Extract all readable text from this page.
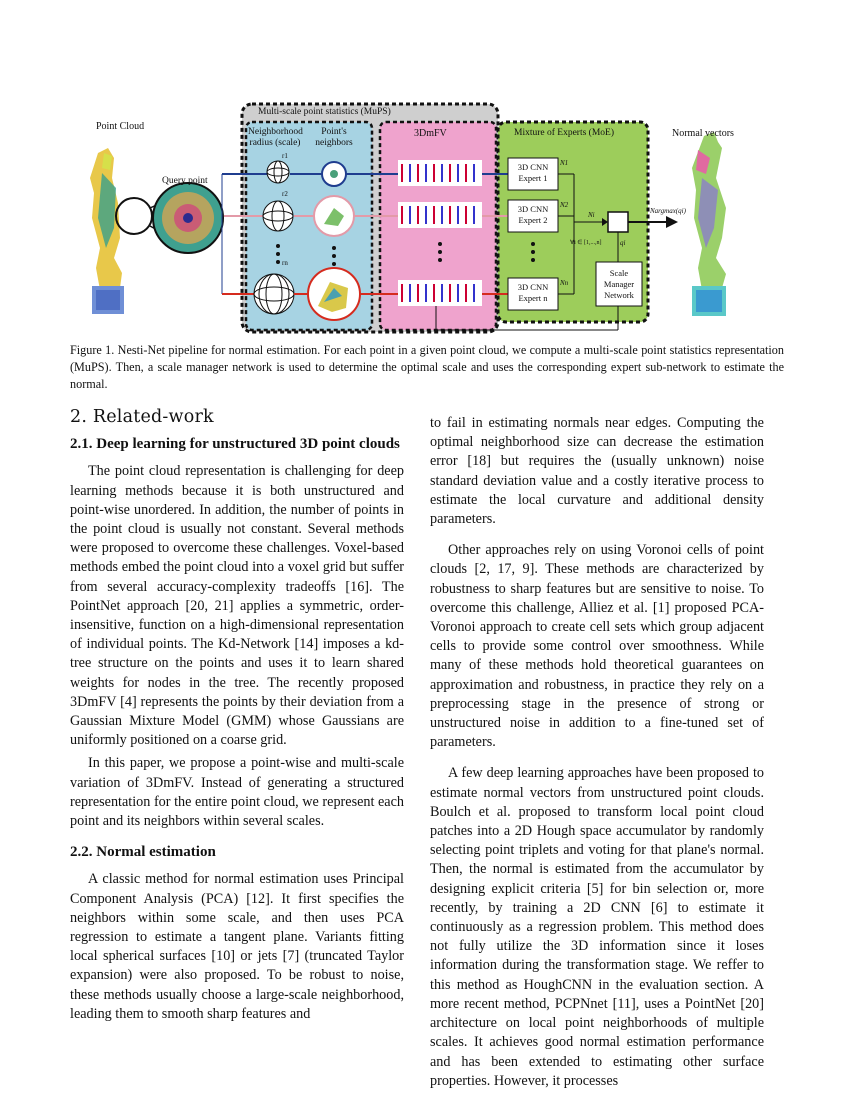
Multi-scale point statistics (MuPS)
Point Cloud
Query point
Neighborhood
radius (scale)
Point's
neighbors
3DmFV	Mixture of Experts (MoE)	Normal vectors
r1
r2
rn
3D CNN
Expert 1
3D CNN
Expert 2
3D CNN
Expert n
N1
N2
Nn
Ni
∀i ∈ [1,...,n]	qi
Nargmax(qi)
Scale
Manager
Network
Figure 1. Nesti-Net pipeline for normal estimation. For each point in a given point cloud, we compute a multi-scale point statistics representation (MuPS). Then, a scale manager network is used to determine the optimal scale and uses the corresponding expert sub-network to estimate the normal.
2. Related-work
2.1. Deep learning for unstructured 3D point clouds

The point cloud representation is challenging for deep learning methods because it is both unstructured and point-wise unordered. In addition, the number of points in the point cloud is usually not constant. Several methods were proposed to overcome these challenges. Voxel-based methods embed the point cloud into a voxel grid but suffer from several accuracy-complexity tradeoffs [16]. The PointNet approach [20, 21] applies a symmetric, order-insensitive, function on a high-dimensional representation of individual points. The Kd-Network [14] imposes a kd-tree structure on the points and uses it to learn shared weights for nodes in the tree. The recently proposed 3DmFV [4] represents the points by their deviation from a Gaussian Mixture Model (GMM) whose Gaussians are uniformly positioned on a coarse grid.

In this paper, we propose a point-wise and multi-scale variation of 3DmFV. Instead of generating a structured representation for the entire point cloud, we represent each point and its neighbors within several scales.

2.2. Normal estimation

A classic method for normal estimation uses Principal Component Analysis (PCA) [12]. It first specifies the neighbors within some scale, and then uses PCA regression to estimate a tangent plane. Variants fitting local spherical surfaces [10] or jets [7] (truncated Taylor expansion) were also proposed. To be robust to noise, these methods usually choose a large-scale neighborhood, leading them to smooth sharp features and

to fail in estimating normals near edges. Computing the optimal neighborhood size can decrease the estimation error [18] but requires the (usually unknown) noise standard deviation value and a costly iterative process to estimate the local curvature and additional density parameters.

Other approaches rely on using Voronoi cells of point clouds [2, 17, 9]. These methods are characterized by robustness to sharp features but are sensitive to noise. To overcome this challenge, Alliez et al. [1] proposed PCA-Voronoi approach to create cell sets which group adjacent cells to provide some control over smoothness. While many of these methods hold theoretical guarantees on approximation and robustness, in practice they rely on a preprocessing stage in the presence of strong or unstructured noise in addition to a fine-tuned set of parameters.

A few deep learning approaches have been proposed to estimate normal vectors from unstructured point clouds. Boulch et al. proposed to transform local point cloud patches into a 2D Hough space accumulator by randomly selecting point triplets and voting for that plane's normal. Then, the normal is estimated from the accumulator by designing explicit criteria [5] for bin selection or, more recently, by training a 2D CNN [6] to estimate it continuously as a regression problem. This method does not fully utilize the 3D information since it loses information during the transformation stage. We reffer to this method as HoughCNN in the evaluation section. A more recent method, PCPNnet [11], uses a PointNet [20] architecture on local point neighborhoods of multiple scales. It achieves good normal estimation performance and has been extended to estimating other surface properties. However, it processes
